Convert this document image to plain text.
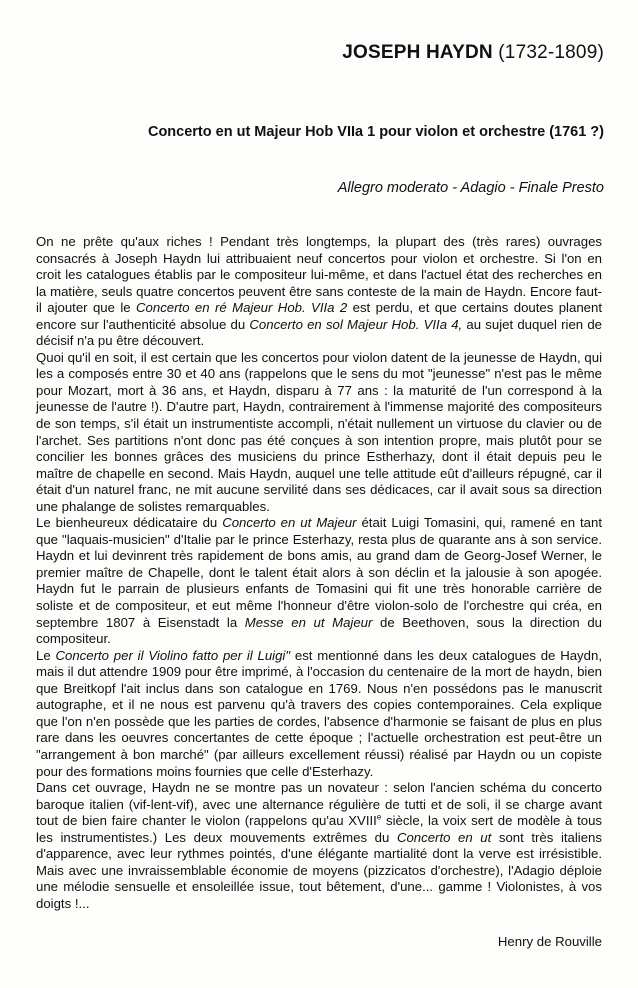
JOSEPH HAYDN (1732-1809)
Concerto en ut Majeur Hob VIIa 1 pour violon et orchestre (1761 ?)
Allegro moderato - Adagio - Finale Presto

On ne prête qu'aux riches ! Pendant très longtemps, la plupart des (très rares) ouvrages consacrés à Joseph Haydn lui attribuaient neuf concertos pour violon et orchestre. Si l'on en croit les catalogues établis par le compositeur lui-même, et dans l'actuel état des recherches en la matière, seuls quatre concertos peuvent être sans conteste de la main de Haydn. Encore faut-il ajouter que le Concerto en ré Majeur Hob. VIIa 2 est perdu, et que certains doutes planent encore sur l'authenticité absolue du Concerto en sol Majeur Hob. VIIa 4, au sujet duquel rien de décisif n'a pu être découvert.

Quoi qu'il en soit, il est certain que les concertos pour violon datent de la jeunesse de Haydn, qui les a composés entre 30 et 40 ans (rappelons que le sens du mot "jeunesse" n'est pas le même pour Mozart, mort à 36 ans, et Haydn, disparu à 77 ans : la maturité de l'un correspond à la jeunesse de l'autre !). D'autre part, Haydn, contrairement à l'immense majorité des compositeurs de son temps, s'il était un instrumentiste accompli, n'était nullement un virtuose du clavier ou de l'archet. Ses partitions n'ont donc pas été conçues à son intention propre, mais plutôt pour se concilier les bonnes grâces des musiciens du prince Estherhazy, dont il était depuis peu le maître de chapelle en second. Mais Haydn, auquel une telle attitude eût d'ailleurs répugné, car il était d'un naturel franc, ne mit aucune servilité dans ses dédicaces, car il avait sous sa direction une phalange de solistes remarquables.

Le bienheureux dédicataire du Concerto en ut Majeur était Luigi Tomasini, qui, ramené en tant que "laquais-musicien" d'Italie par le prince Esterhazy, resta plus de quarante ans à son service. Haydn et lui devinrent très rapidement de bons amis, au grand dam de Georg-Josef Werner, le premier maître de Chapelle, dont le talent était alors à son déclin et la jalousie à son apogée. Haydn fut le parrain de plusieurs enfants de Tomasini qui fit une très honorable carrière de soliste et de compositeur, et eut même l'honneur d'être violon-solo de l'orchestre qui créa, en septembre 1807 à Eisenstadt la Messe en ut Majeur de Beethoven, sous la direction du compositeur.

Le Concerto per il Violino fatto per il Luigi" est mentionné dans les deux catalogues de Haydn, mais il dut attendre 1909 pour être imprimé, à l'occasion du centenaire de la mort de haydn, bien que Breitkopf l'ait inclus dans son catalogue en 1769. Nous n'en possédons pas le manuscrit autographe, et il ne nous est parvenu qu'à travers des copies contemporaines. Cela explique que l'on n'en possède que les parties de cordes, l'absence d'harmonie se faisant de plus en plus rare dans les oeuvres concertantes de cette époque ; l'actuelle orchestration est peut-être un "arrangement à bon marché" (par ailleurs excellement réussi) réalisé par Haydn ou un copiste pour des formations moins fournies que celle d'Esterhazy.

Dans cet ouvrage, Haydn ne se montre pas un novateur : selon l'ancien schéma du concerto baroque italien (vif-lent-vif), avec une alternance régulière de tutti et de soli, il se charge avant tout de bien faire chanter le violon (rappelons qu'au XVIIIe siècle, la voix sert de modèle à tous les instrumentistes.) Les deux mouvements extrêmes du Concerto en ut sont très italiens d'apparence, avec leur rythmes pointés, d'une élégante martialité dont la verve est irrésistible. Mais avec une invraissemblable économie de moyens (pizzicatos d'orchestre), l'Adagio déploie une mélodie sensuelle et ensoleillée issue, tout bêtement, d'une... gamme ! Violonistes, à vos doigts !...

Henry de Rouville
